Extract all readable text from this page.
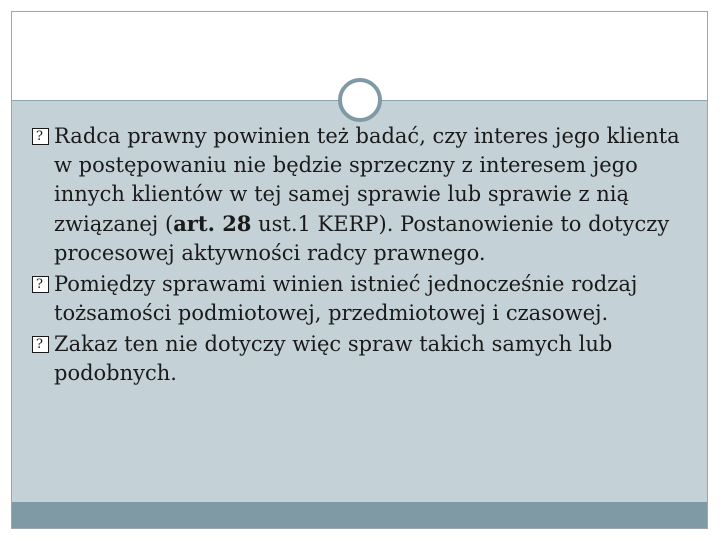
?
Radca prawny powinien też badać, czy interes jego klienta w postępowaniu nie będzie sprzeczny z interesem jego innych klientów w tej samej sprawie lub sprawie z nią związanej (art. 28 ust.1 KERP). Postanowienie to dotyczy procesowej aktywności radcy prawnego.
?
Pomiędzy sprawami winien istnieć jednocześnie rodzaj tożsamości podmiotowej, przedmiotowej i czasowej.
?
Zakaz ten nie dotyczy więc spraw takich samych lub podobnych.
